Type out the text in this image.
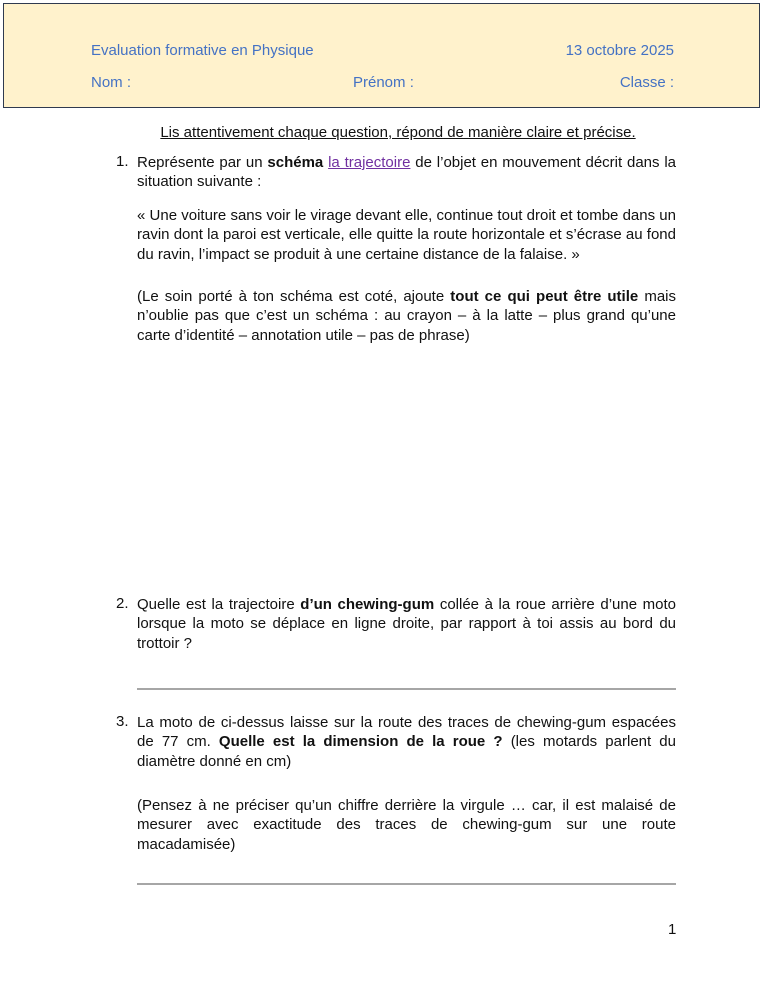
Evaluation formative en Physique	13 octobre 2025
Nom :	Prénom :	Classe :
Lis attentivement chaque question, répond de manière claire et précise.
1. Représente par un schéma la trajectoire de l’objet en mouvement décrit dans la situation suivante :
« Une voiture sans voir le virage devant elle, continue tout droit et tombe dans un ravin dont la paroi est verticale, elle quitte la route horizontale et s’écrase au fond du ravin, l’impact se produit à une certaine distance de la falaise. »
(Le soin porté à ton schéma est coté, ajoute tout ce qui peut être utile mais n’oublie pas que c’est un schéma : au crayon – à la latte – plus grand qu’une carte d’identité – annotation utile – pas de phrase)
2. Quelle est la trajectoire d’un chewing-gum collée à la roue arrière d’une moto lorsque la moto se déplace en ligne droite, par rapport à toi assis au bord du trottoir ?
3. La moto de ci-dessus laisse sur la route des traces de chewing-gum espacées de 77 cm. Quelle est la dimension de la roue ? (les motards parlent du diamètre donné en cm)
(Pensez à ne préciser qu’un chiffre derrière la virgule … car, il est malaisé de mesurer avec exactitude des traces de chewing-gum sur une route macadamisée)
1
